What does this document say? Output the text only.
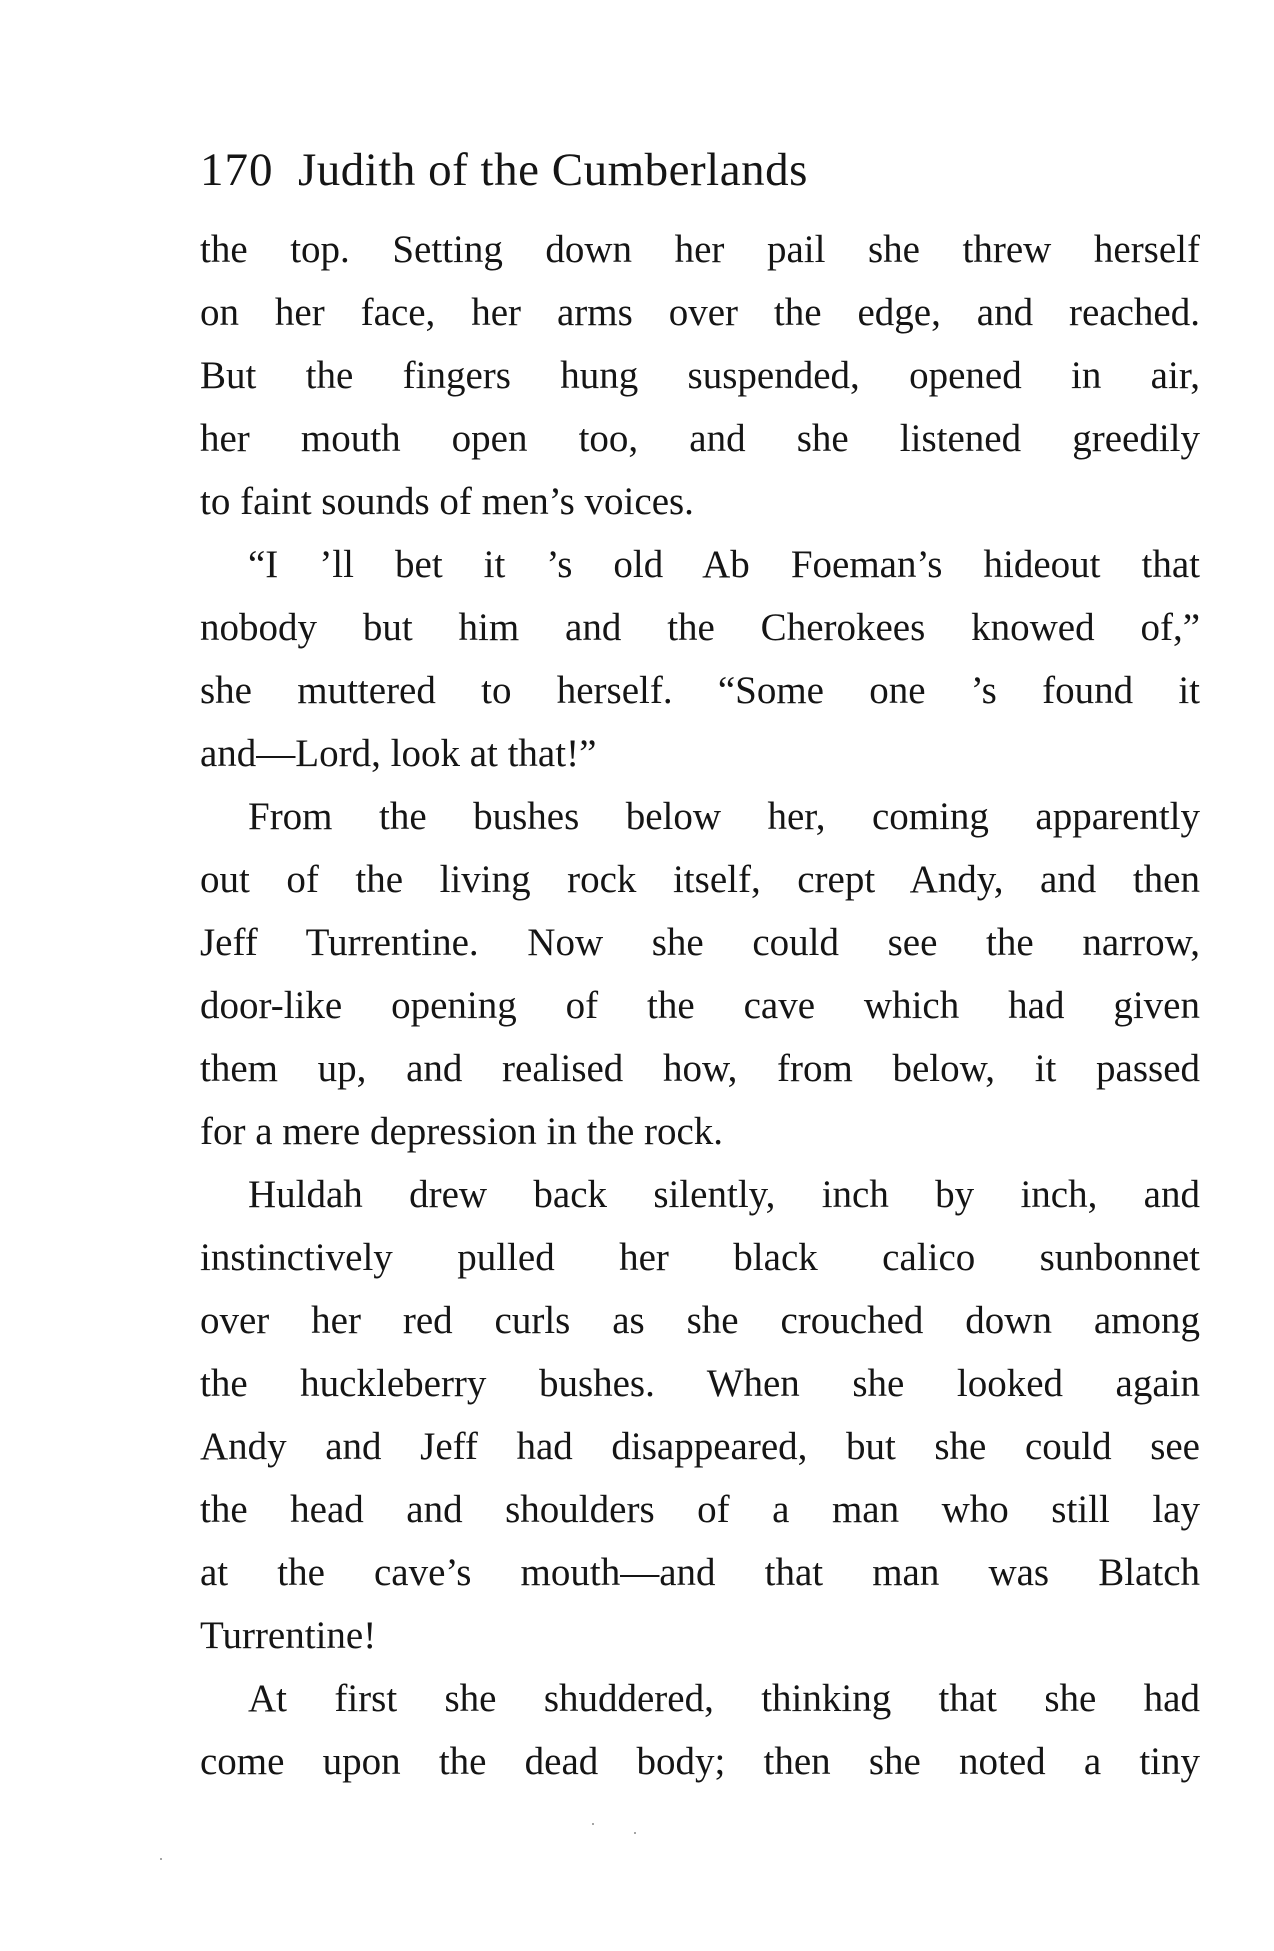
170 Judith of the Cumberlands

the top. Setting down her pail she threw herself
on her face, her arms over the edge, and reached.
But the fingers hung suspended, opened in air,
her mouth open too, and she listened greedily
to faint sounds of men’s voices.

“I ’ll bet it ’s old Ab Foeman’s hideout that
nobody but him and the Cherokees knowed of,”
she muttered to herself. “Some one ’s found it
and—Lord, look at that!”

From the bushes below her, coming apparently
out of the living rock itself, crept Andy, and then
Jeff Turrentine. Now she could see the narrow,
door-like opening of the cave which had given
them up, and realised how, from below, it passed
for a mere depression in the rock.

Huldah drew back silently, inch by inch, and
instinctively pulled her black calico sunbonnet
over her red curls as she crouched down among
the huckleberry bushes. When she looked again
Andy and Jeff had disappeared, but she could see
the head and shoulders of a man who still lay
at the cave’s mouth—and that man was Blatch
Turrentine!

At first she shuddered, thinking that she had
come upon the dead body; then she noted a tiny
